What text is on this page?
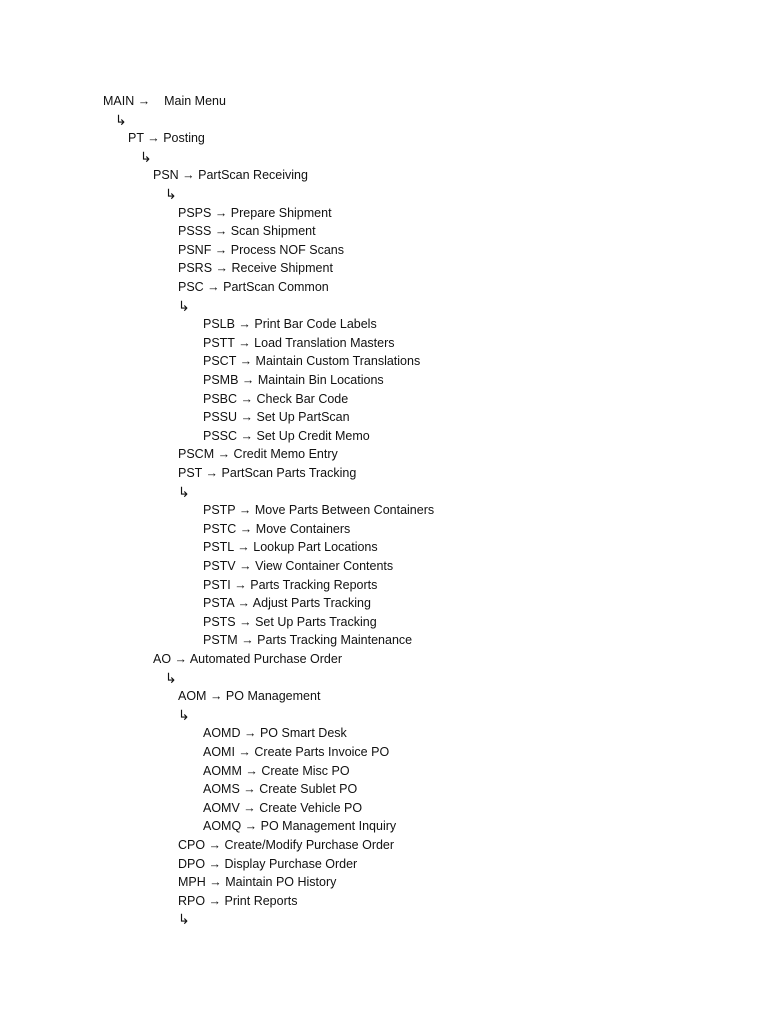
MAIN →    Main Menu
↳
PT → Posting
↳
PSN → PartScan Receiving
↳
PSPS → Prepare Shipment
PSSS → Scan Shipment
PSNF → Process NOF Scans
PSRS → Receive Shipment
PSC → PartScan Common
↳
PSLB → Print Bar Code Labels
PSTT → Load Translation Masters
PSCT → Maintain Custom Translations
PSMB → Maintain Bin Locations
PSBC → Check Bar Code
PSSU → Set Up PartScan
PSSC → Set Up Credit Memo
PSCM → Credit Memo Entry
PST → PartScan Parts Tracking
↳
PSTP → Move Parts Between Containers
PSTC → Move Containers
PSTL → Lookup Part Locations
PSTV → View Container Contents
PSTI → Parts Tracking Reports
PSTA → Adjust Parts Tracking
PSTS → Set Up Parts Tracking
PSTM → Parts Tracking Maintenance
AO → Automated Purchase Order
↳
AOM → PO Management
↳
AOMD → PO Smart Desk
AOMI → Create Parts Invoice PO
AOMM → Create Misc PO
AOMS → Create Sublet PO
AOMV → Create Vehicle PO
AOMQ → PO Management Inquiry
CPO → Create/Modify Purchase Order
DPO → Display Purchase Order
MPH → Maintain PO History
RPO → Print Reports
↳
